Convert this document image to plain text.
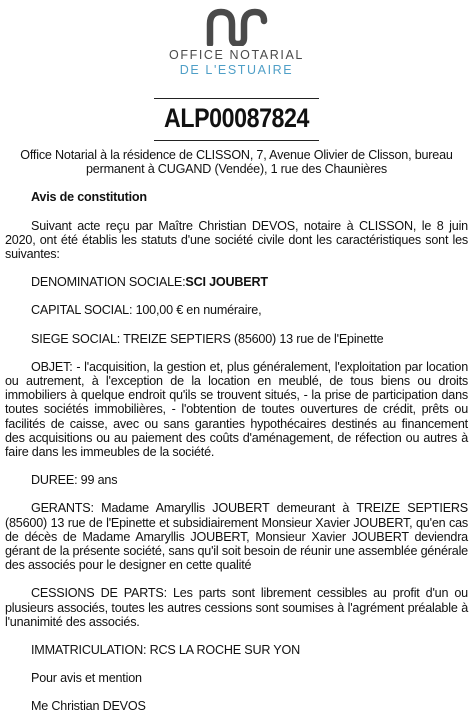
OFFICE NOTARIAL
DE L'ESTUAIRE
ALP00087824

Office Notarial à la résidence de CLISSON, 7, Avenue Olivier de Clisson, bureau permanent à CUGAND (Vendée), 1 rue des Chaunières

Avis de constitution

Suivant acte reçu par Maître Christian DEVOS, notaire à CLISSON, le 8 juin 2020, ont été établis les statuts d'une société civile dont les caractéristiques sont les suivantes:

DENOMINATION SOCIALE:SCI JOUBERT

CAPITAL SOCIAL: 100,00 € en numéraire,

SIEGE SOCIAL: TREIZE SEPTIERS (85600) 13 rue de l'Epinette

OBJET: - l'acquisition, la gestion et, plus généralement, l'exploitation par location ou autrement, à l'exception de la location en meublé, de tous biens ou droits immobiliers à quelque endroit qu'ils se trouvent situés, - la prise de participation dans toutes sociétés immobilières, - l'obtention de toutes ouvertures de crédit, prêts ou facilités de caisse, avec ou sans garanties hypothécaires destinés au financement des acquisitions ou au paiement des coûts d'aménagement, de réfection ou autres à faire dans les immeubles de la société.

DUREE: 99 ans

GERANTS: Madame Amaryllis JOUBERT demeurant à TREIZE SEPTIERS (85600) 13 rue de l'Epinette et subsidiairement Monsieur Xavier JOUBERT, qu'en cas de décès de Madame Amaryllis JOUBERT, Monsieur Xavier JOUBERT deviendra gérant de la présente société, sans qu'il soit besoin de réunir une assemblée générale des associés pour le designer en cette qualité

CESSIONS DE PARTS: Les parts sont librement cessibles au profit d'un ou plusieurs associés, toutes les autres cessions sont soumises à l'agrément préalable à l'unanimité des associés.

IMMATRICULATION: RCS LA ROCHE SUR YON

Pour avis et mention

Me Christian DEVOS
